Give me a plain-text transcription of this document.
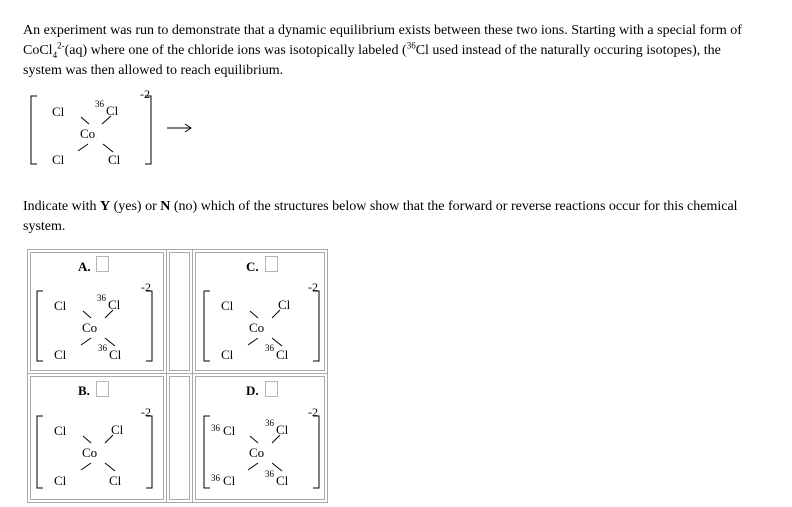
An experiment was run to demonstrate that a dynamic equilibrium exists between these two ions. Starting with a special form of CoCl$_4^{2-}$(aq) where one of the chloride ions was isotopically labeled ($^{36}$Cl used instead of the naturally occuring isotopes), the system was then allowed to reach equilibrium.

-2
Cl	36 Cl
Co
Cl	Cl

Indicate with Y (yes) or N (no) which of the structures below show that the forward or reverse reactions occur for this chemical system.

A.
-2
Cl	36 Cl
Co
Cl	36 Cl
C.
-2
Cl	Cl
Co
Cl	36 Cl
B.
-2
Cl	Cl
Co
Cl	Cl
D.
-2
36 Cl	36 Cl
Co
36 Cl	36 Cl
